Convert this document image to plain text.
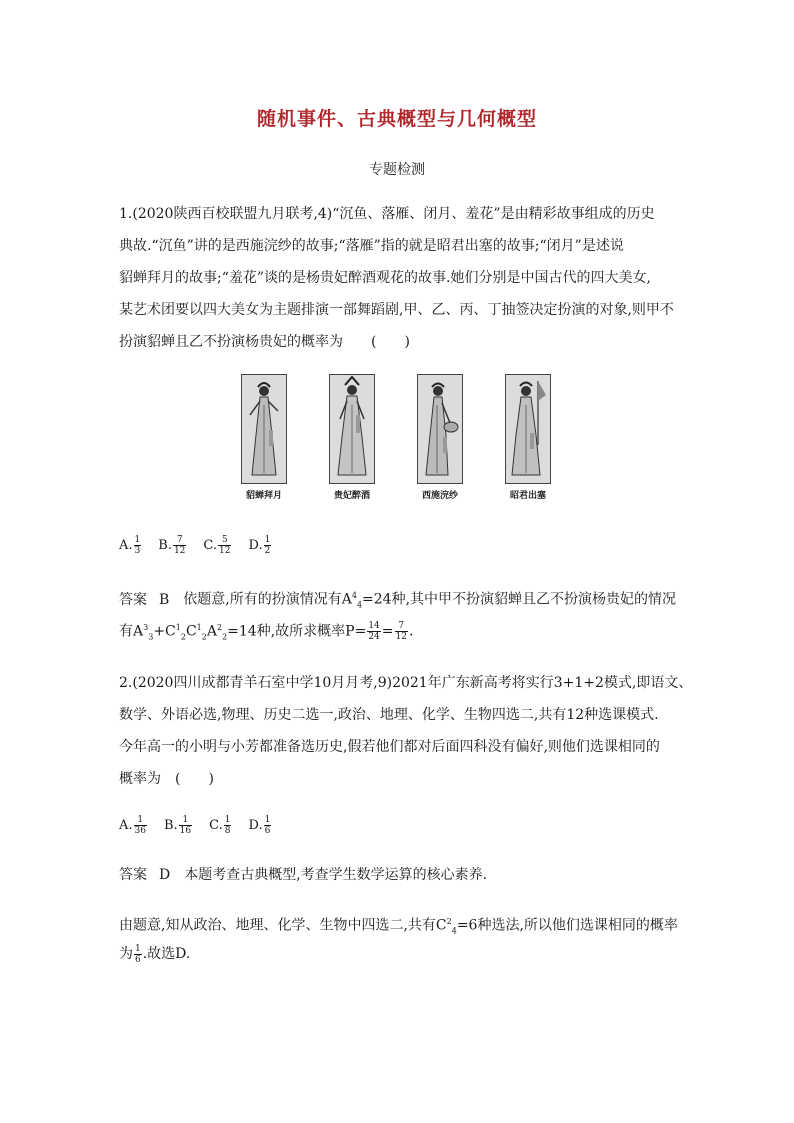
随机事件、古典概型与几何概型
专题检测
1.(2020陕西百校联盟九月联考,4)“沉鱼、落雁、闭月、羞花”是由精彩故事组成的历史
典故.“沉鱼”讲的是西施浣纱的故事;“落雁”指的就是昭君出塞的故事;“闭月”是述说
貂蝉拜月的故事;“羞花”谈的是杨贵妃醉酒观花的故事.她们分别是中国古代的四大美女,
某艺术团要以四大美女为主题排演一部舞蹈剧,甲、乙、丙、丁抽签决定扮演的对象,则甲不
扮演貂蝉且乙不扮演杨贵妃的概率为　　(　　)
貂蝉拜月	贵妃醉酒	西施浣纱	昭君出塞
A. $\frac{1}{3} B$. $\frac{7}{12} C$. $\frac{5}{12} D$. $\frac{1}{2}$
答案 B 依题意,所有的扮演情况有$A^4_4=24$种,其中甲不扮演貂蝉且乙不扮演杨贵妃的情况
有$A^3_3+C^1_2C^1_2A^2_2=14$种,故所求概率$P= \frac{14}{24} = \frac{7}{12}$ .
2.(2020四川成都青羊石室中学10月月考,9)2021年广东新高考将实行3+1+2模式,即语文、
数学、外语必选,物理、历史二选一,政治、地理、化学、生物四选二,共有12种选课模式.
今年高一的小明与小芳都准备选历史,假若他们都对后面四科没有偏好,则他们选课相同的
概率为　(　　)
A. $\frac{1}{36} B$. $\frac{1}{16} C$. $\frac{1}{8} D$. $\frac{1}{6}$
答案 D 本题考查古典概型,考查学生数学运算的核心素养.
由题意,知从政治、地理、化学、生物中四选二,共有$C^2_4=6$种选法,所以他们选课相同的概率
为 $\frac{1}{6}$ .故选D.
